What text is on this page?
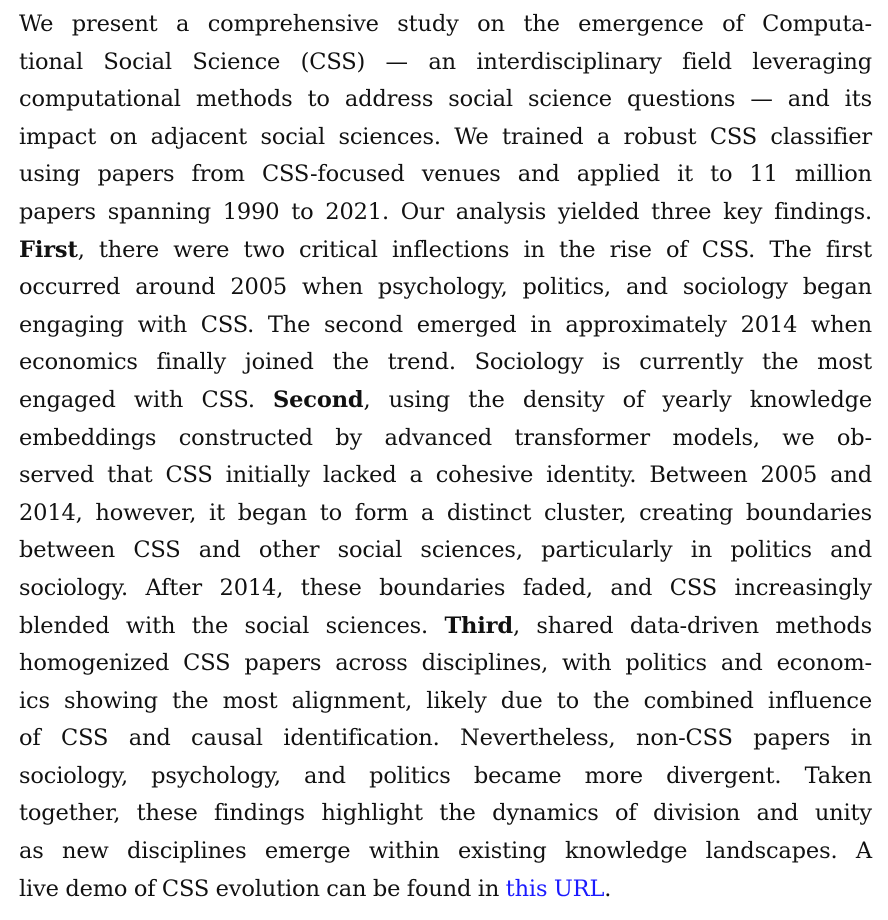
We present a comprehensive study on the emergence of Computa-
tional Social Science (CSS) — an interdisciplinary field leveraging
computational methods to address social science questions — and its
impact on adjacent social sciences. We trained a robust CSS classifier
using papers from CSS-focused venues and applied it to 11 million
papers spanning 1990 to 2021. Our analysis yielded three key findings.
First, there were two critical inflections in the rise of CSS. The first
occurred around 2005 when psychology, politics, and sociology began
engaging with CSS. The second emerged in approximately 2014 when
economics finally joined the trend. Sociology is currently the most
engaged with CSS. Second, using the density of yearly knowledge
embeddings constructed by advanced transformer models, we ob-
served that CSS initially lacked a cohesive identity. Between 2005 and
2014, however, it began to form a distinct cluster, creating boundaries
between CSS and other social sciences, particularly in politics and
sociology. After 2014, these boundaries faded, and CSS increasingly
blended with the social sciences. Third, shared data-driven methods
homogenized CSS papers across disciplines, with politics and econom-
ics showing the most alignment, likely due to the combined influence
of CSS and causal identification. Nevertheless, non-CSS papers in
sociology, psychology, and politics became more divergent. Taken
together, these findings highlight the dynamics of division and unity
as new disciplines emerge within existing knowledge landscapes. A
live demo of CSS evolution can be found in this URL.
